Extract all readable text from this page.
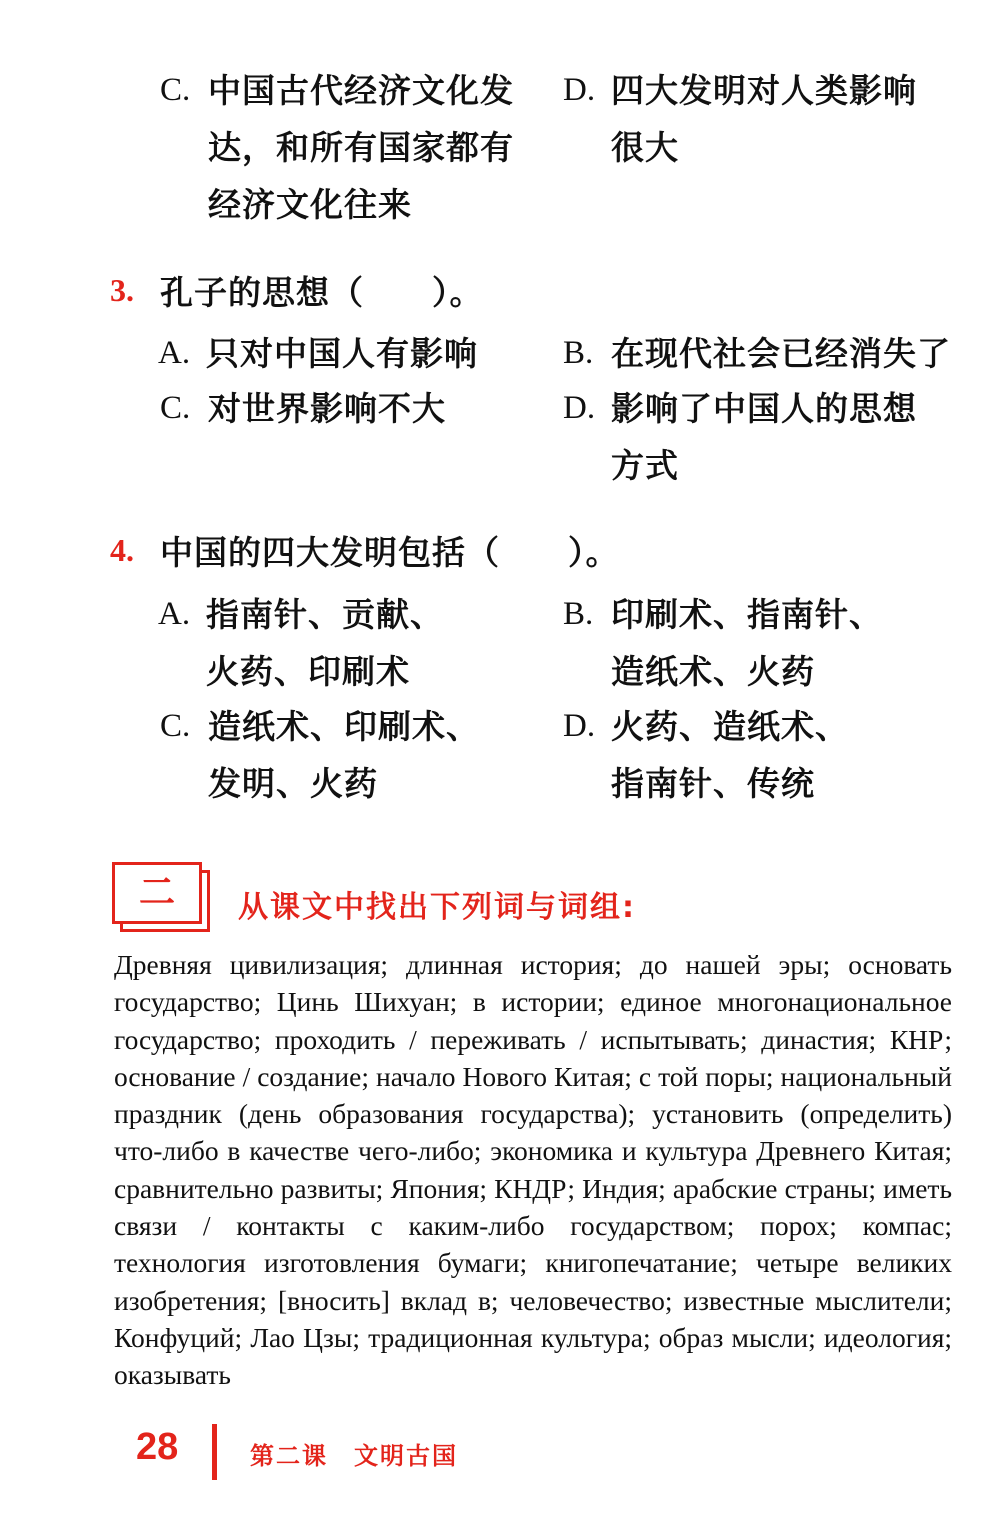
C. 中国古代经济文化发
达，和所有国家都有
经济文化往来
D. 四大发明对人类影响
很大
3. 孔子的思想（　　）。
A. 只对中国人有影响	B. 在现代社会已经消失了
C. 对世界影响不大	D. 影响了中国人的思想
方式
4. 中国的四大发明包括（　　）。
A. 指南针、贡献、
火药、印刷术
B. 印刷术、指南针、
造纸术、火药
C. 造纸术、印刷术、
发明、火药
D. 火药、造纸术、
指南针、传统
二 从课文中找出下列词与词组:
Древняя цивилизация; длинная история; до нашей эры; основать государство; Цинь Шихуан; в истории; единое многонациональное государство; проходить / переживать / испытывать; династия; КНР; основание / создание; начало Нового Китая; с той поры; национальный праздник (день образования государства); установить (определить) что-либо в качестве чего-либо; экономика и культура Древнего Китая; сравнительно развиты; Япония; КНДР; Индия; арабские страны; иметь связи / контакты с каким-либо государством; порох; компас; технология изготовления бумаги; книгопечатание; четыре великих изобретения; [вносить] вклад в; человечество; известные мыслители; Конфуций; Лао Цзы; традиционная культура; образ мысли; идеология; оказывать
28	第二课　文明古国
